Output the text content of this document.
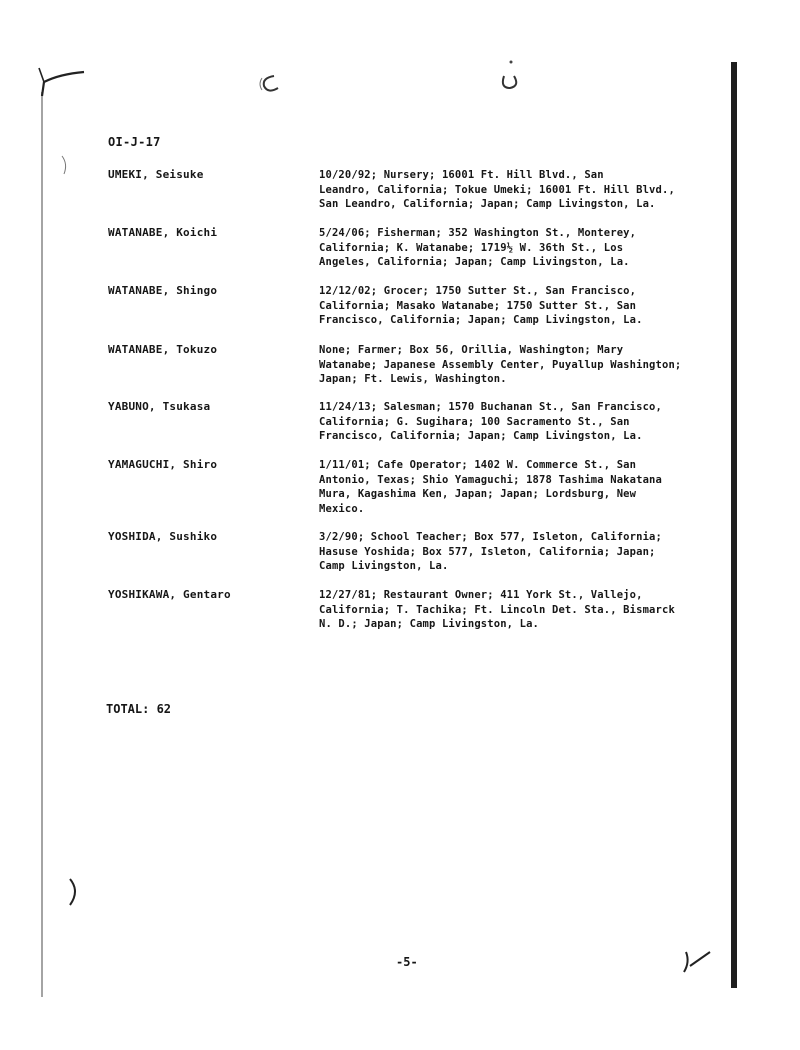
OI-J-17
UMEKI, Seisuke	10/20/92; Nursery; 16001 Ft. Hill Blvd., San
Leandro, California; Tokue Umeki; 16001 Ft. Hill Blvd.,
San Leandro, California; Japan; Camp Livingston, La.
WATANABE, Koichi	5/24/06; Fisherman; 352 Washington St., Monterey,
California; K. Watanabe; 1719½ W. 36th St., Los
Angeles, California; Japan; Camp Livingston, La.
WATANABE, Shingo	12/12/02; Grocer; 1750 Sutter St., San Francisco,
California; Masako Watanabe; 1750 Sutter St., San
Francisco, California; Japan; Camp Livingston, La.
WATANABE, Tokuzo	None; Farmer; Box 56, Orillia, Washington; Mary
Watanabe; Japanese Assembly Center, Puyallup Washington;
Japan; Ft. Lewis, Washington.
YABUNO, Tsukasa	11/24/13; Salesman; 1570 Buchanan St., San Francisco,
California; G. Sugihara; 100 Sacramento St., San
Francisco, California; Japan; Camp Livingston, La.
YAMAGUCHI, Shiro	1/11/01; Cafe Operator; 1402 W. Commerce St., San
Antonio, Texas; Shio Yamaguchi; 1878 Tashima Nakatana
Mura, Kagashima Ken, Japan; Japan; Lordsburg, New
Mexico.
YOSHIDA, Sushiko	3/2/90; School Teacher; Box 577, Isleton, California;
Hasuse Yoshida; Box 577, Isleton, California; Japan;
Camp Livingston, La.
YOSHIKAWA, Gentaro	12/27/81; Restaurant Owner; 411 York St., Vallejo,
California; T. Tachika; Ft. Lincoln Det. Sta., Bismarck
N. D.; Japan; Camp Livingston, La.
TOTAL: 62
-5-
